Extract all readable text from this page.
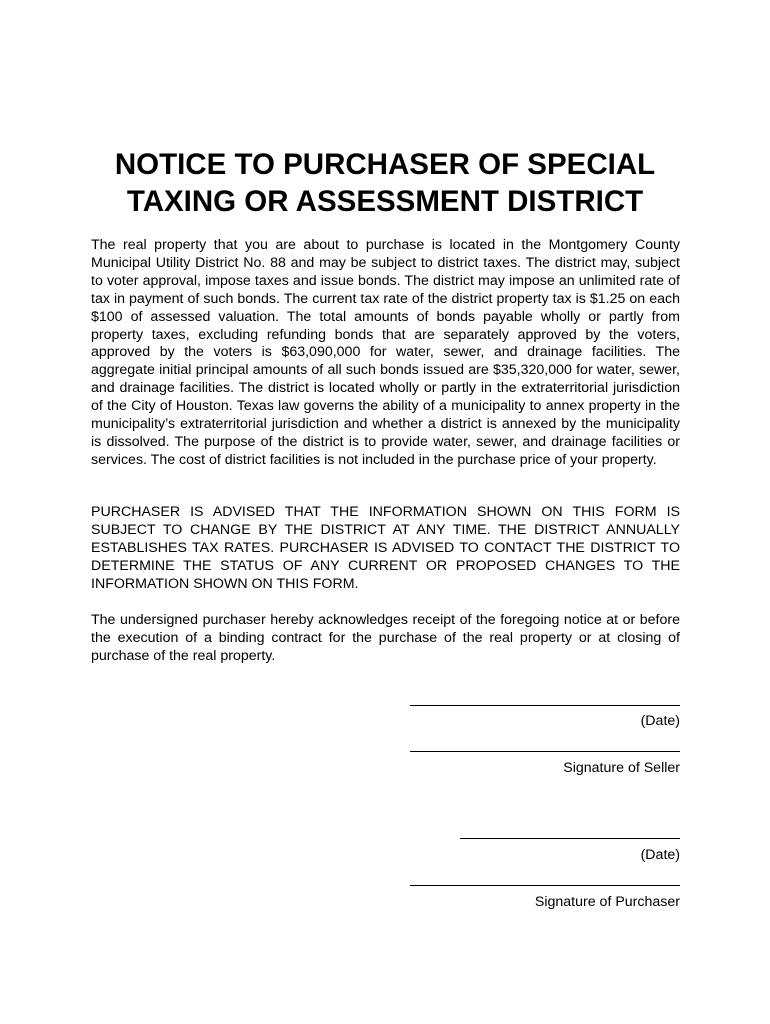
NOTICE TO PURCHASER OF SPECIAL
TAXING OR ASSESSMENT DISTRICT

The real property that you are about to purchase is located in the Montgomery County Municipal Utility District No. 88 and may be subject to district taxes. The district may, subject to voter approval, impose taxes and issue bonds. The district may impose an unlimited rate of tax in payment of such bonds. The current tax rate of the district property tax is $1.25 on each $100 of assessed valuation. The total amounts of bonds payable wholly or partly from property taxes, excluding refunding bonds that are separately approved by the voters, approved by the voters is $63,090,000 for water, sewer, and drainage facilities. The aggregate initial principal amounts of all such bonds issued are $35,320,000 for water, sewer, and drainage facilities. The district is located wholly or partly in the extraterritorial jurisdiction of the City of Houston. Texas law governs the ability of a municipality to annex property in the municipality’s extraterritorial jurisdiction and whether a district is annexed by the municipality is dissolved. The purpose of the district is to provide water, sewer, and drainage facilities or services. The cost of district facilities is not included in the purchase price of your property.

PURCHASER IS ADVISED THAT THE INFORMATION SHOWN ON THIS FORM IS SUBJECT TO CHANGE BY THE DISTRICT AT ANY TIME. THE DISTRICT ANNUALLY ESTABLISHES TAX RATES. PURCHASER IS ADVISED TO CONTACT THE DISTRICT TO DETERMINE THE STATUS OF ANY CURRENT OR PROPOSED CHANGES TO THE INFORMATION SHOWN ON THIS FORM.

The undersigned purchaser hereby acknowledges receipt of the foregoing notice at or before the execution of a binding contract for the purchase of the real property or at closing of purchase of the real property.

(Date)
Signature of Seller
(Date)
Signature of Purchaser
